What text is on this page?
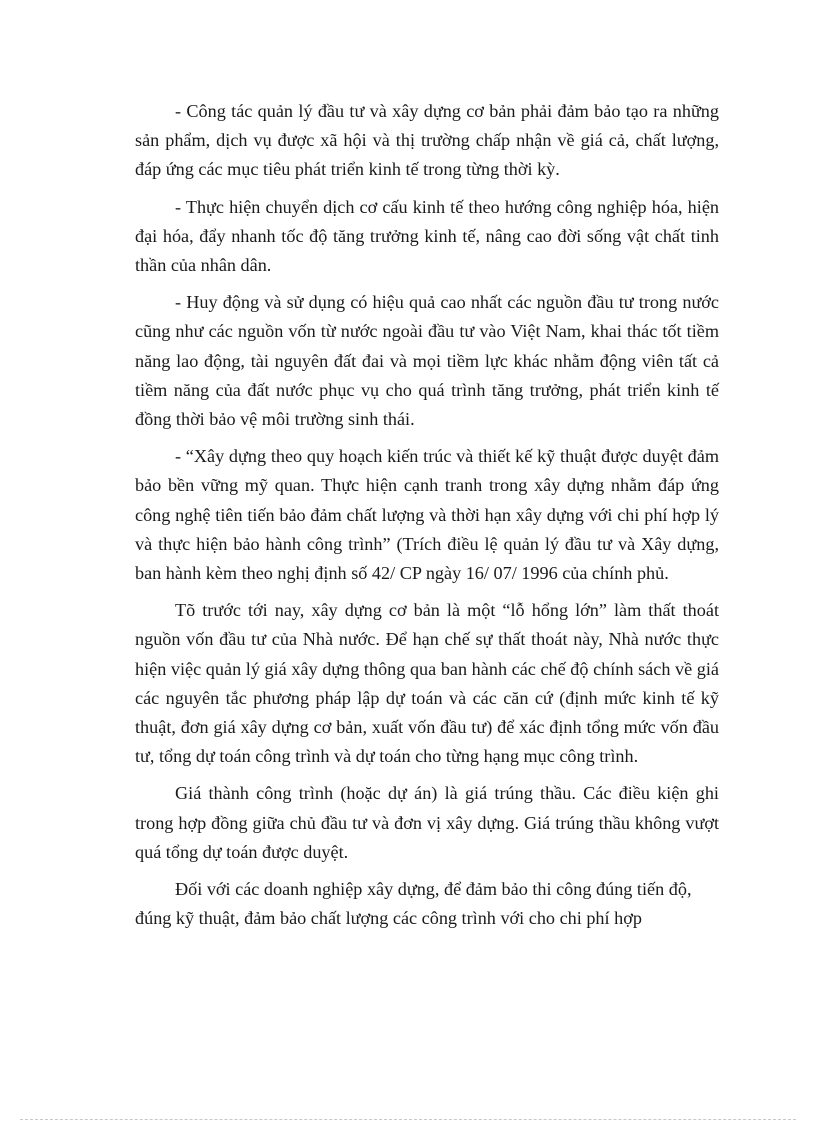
- Công tác quản lý đầu tư và xây dựng cơ bản phải đảm bảo tạo ra những sản phẩm, dịch vụ được xã hội và thị trường chấp nhận về giá cả, chất lượng, đáp ứng các mục tiêu phát triển kinh tế trong từng thời kỳ.

- Thực hiện chuyển dịch cơ cấu kinh tế theo hướng công nghiệp hóa, hiện đại hóa, đẩy nhanh tốc độ tăng trưởng kinh tế, nâng cao đời sống vật chất tinh thần của nhân dân.

- Huy động và sử dụng có hiệu quả cao nhất các nguồn đầu tư trong nước cũng như các nguồn vốn từ nước ngoài đầu tư vào Việt Nam, khai thác tốt tiềm năng lao động, tài nguyên đất đai và mọi tiềm lực khác nhằm động viên tất cả tiềm năng của đất nước phục vụ cho quá trình tăng trưởng, phát triển kinh tế đồng thời bảo vệ môi trường sinh thái.

- “Xây dựng theo quy hoạch kiến trúc và thiết kế kỹ thuật được duyệt đảm bảo bền vững mỹ quan. Thực hiện cạnh tranh trong xây dựng nhằm đáp ứng công nghệ tiên tiến bảo đảm chất lượng và thời hạn xây dựng với chi phí hợp lý và thực hiện bảo hành công trình” (Trích điều lệ quản lý đầu tư và Xây dựng, ban hành kèm theo nghị định số 42/ CP ngày 16/ 07/ 1996 của chính phủ.

Tõ trước tới nay, xây dựng cơ bản là một “lỗ hổng lớn” làm thất thoát nguồn vốn đầu tư của Nhà nước. Để hạn chế sự thất thoát này, Nhà nước thực hiện việc quản lý giá xây dựng thông qua ban hành các chế độ chính sách về giá các nguyên tắc phương pháp lập dự toán và các căn cứ (định mức kinh tế kỹ thuật, đơn giá xây dựng cơ bản, xuất vốn đầu tư) để xác định tổng mức vốn đầu tư, tổng dự toán công trình và dự toán cho từng hạng mục công trình.

Giá thành công trình (hoặc dự án) là giá trúng thầu. Các điều kiện ghi trong hợp đồng giữa chủ đầu tư và đơn vị xây dựng. Giá trúng thầu không vượt quá tổng dự toán được duyệt.

Đối với các doanh nghiệp xây dựng, để đảm bảo thi công đúng tiến độ, đúng kỹ thuật, đảm bảo chất lượng các công trình với cho chi phí hợp
